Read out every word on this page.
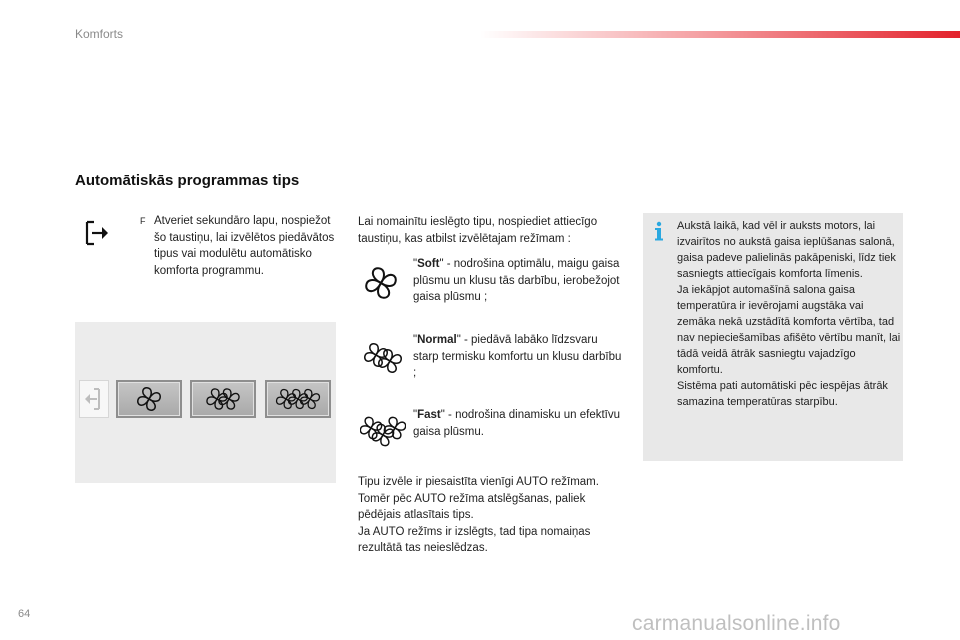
Komforts
Automātiskās programmas tips
F Atveriet sekundāro lapu, nospiežot šo taustiņu, lai izvēlētos piedāvātos tipus vai modulētu automātisko komforta programmu.
Lai nomainītu ieslēgto tipu, nospiediet attiecīgo taustiņu, kas atbilst izvēlētajam režīmam :
"Soft" - nodrošina optimālu, maigu gaisa plūsmu un klusu tās darbību, ierobežojot gaisa plūsmu ;
"Normal" - piedāvā labāko līdzsvaru starp termisku komfortu un klusu darbību ;
"Fast" - nodrošina dinamisku un efektīvu gaisa plūsmu.
Tipu izvēle ir piesaistīta vienīgi AUTO režīmam. Tomēr pēc AUTO režīma atslēgšanas, paliek pēdējais atlasītais tips.
Ja AUTO režīms ir izslēgts, tad tipa nomaiņas rezultātā tas neieslēdzas.
Aukstā laikā, kad vēl ir auksts motors, lai izvairītos no aukstā gaisa ieplūšanas salonā, gaisa padeve palielinās pakāpeniski, līdz tiek sasniegts attiecīgais komforta līmenis.
Ja iekāpjot automašīnā salona gaisa temperatūra ir ievērojami augstāka vai zemāka nekā uzstādītā komforta vērtība, tad nav nepieciešamības afišēto vērtību manīt, lai tādā veidā ātrāk sasniegtu vajadzīgo komfortu.
Sistēma pati automātiski pēc iespējas ātrāk samazina temperatūras starpību.
64	carmanualsonline.info
